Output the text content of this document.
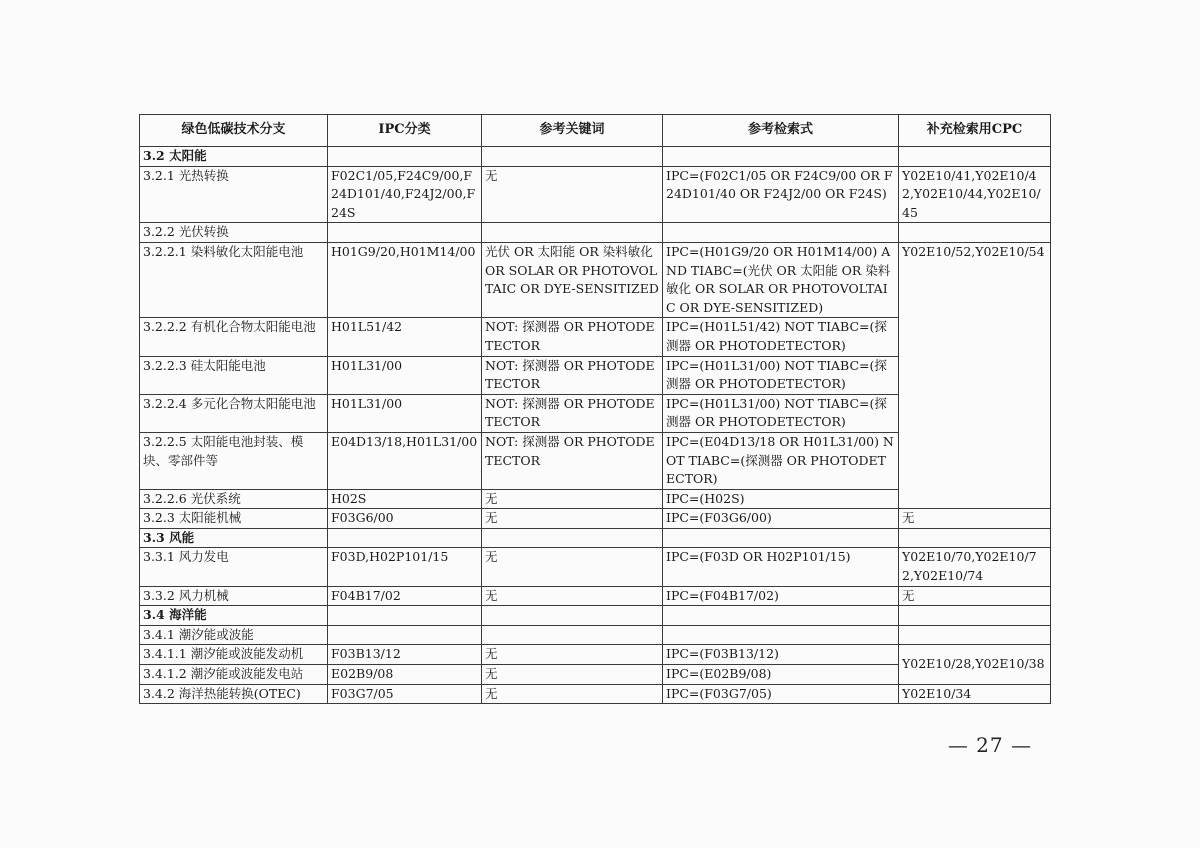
绿色低碳技术分支	IPC分类	参考关键词	参考检索式	补充检索用CPC
3.2 太阳能				
3.2.1 光热转换	F02C1/05,F24C9/00,F24D101/40,F24J2/00,F24S	无	IPC=(F02C1/05 OR F24C9/00 OR F24D101/40 OR F24J2/00 OR F24S)	Y02E10/41,Y02E10/42,Y02E10/44,Y02E10/45
3.2.2 光伏转换				
3.2.2.1 染料敏化太阳能电池	H01G9/20,H01M14/00	光伏 OR 太阳能 OR 染料敏化 OR SOLAR OR PHOTOVOLTAIC OR DYE-SENSITIZED	IPC=(H01G9/20 OR H01M14/00) AND TIABC=(光伏 OR 太阳能 OR 染料敏化 OR SOLAR OR PHOTOVOLTAIC OR DYE-SENSITIZED)	Y02E10/52,Y02E10/54
3.2.2.2 有机化合物太阳能电池	H01L51/42	NOT: 探测器 OR PHOTODETECTOR	IPC=(H01L51/42) NOT TIABC=(探测器 OR PHOTODETECTOR)	
3.2.2.3 硅太阳能电池	H01L31/00	NOT: 探测器 OR PHOTODETECTOR	IPC=(H01L31/00) NOT TIABC=(探测器 OR PHOTODETECTOR)	
3.2.2.4 多元化合物太阳能电池	H01L31/00	NOT: 探测器 OR PHOTODETECTOR	IPC=(H01L31/00) NOT TIABC=(探测器 OR PHOTODETECTOR)	
3.2.2.5 太阳能电池封装、模块、零部件等	E04D13/18,H01L31/00	NOT: 探测器 OR PHOTODETECTOR	IPC=(E04D13/18 OR H01L31/00) NOT TIABC=(探测器 OR PHOTODETECTOR)	
3.2.2.6 光伏系统	H02S	无	IPC=(H02S)	
3.2.3 太阳能机械	F03G6/00	无	IPC=(F03G6/00)	无
3.3 风能				
3.3.1 风力发电	F03D,H02P101/15	无	IPC=(F03D OR H02P101/15)	Y02E10/70,Y02E10/72,Y02E10/74
3.3.2 风力机械	F04B17/02	无	IPC=(F04B17/02)	无
3.4 海洋能				
3.4.1 潮汐能或波能				
3.4.1.1 潮汐能或波能发动机	F03B13/12	无	IPC=(F03B13/12)	Y02E10/28,Y02E10/38
3.4.1.2 潮汐能或波能发电站	E02B9/08	无	IPC=(E02B9/08)	
3.4.2 海洋热能转换(OTEC)	F03G7/05	无	IPC=(F03G7/05)	Y02E10/34
— 27 —
